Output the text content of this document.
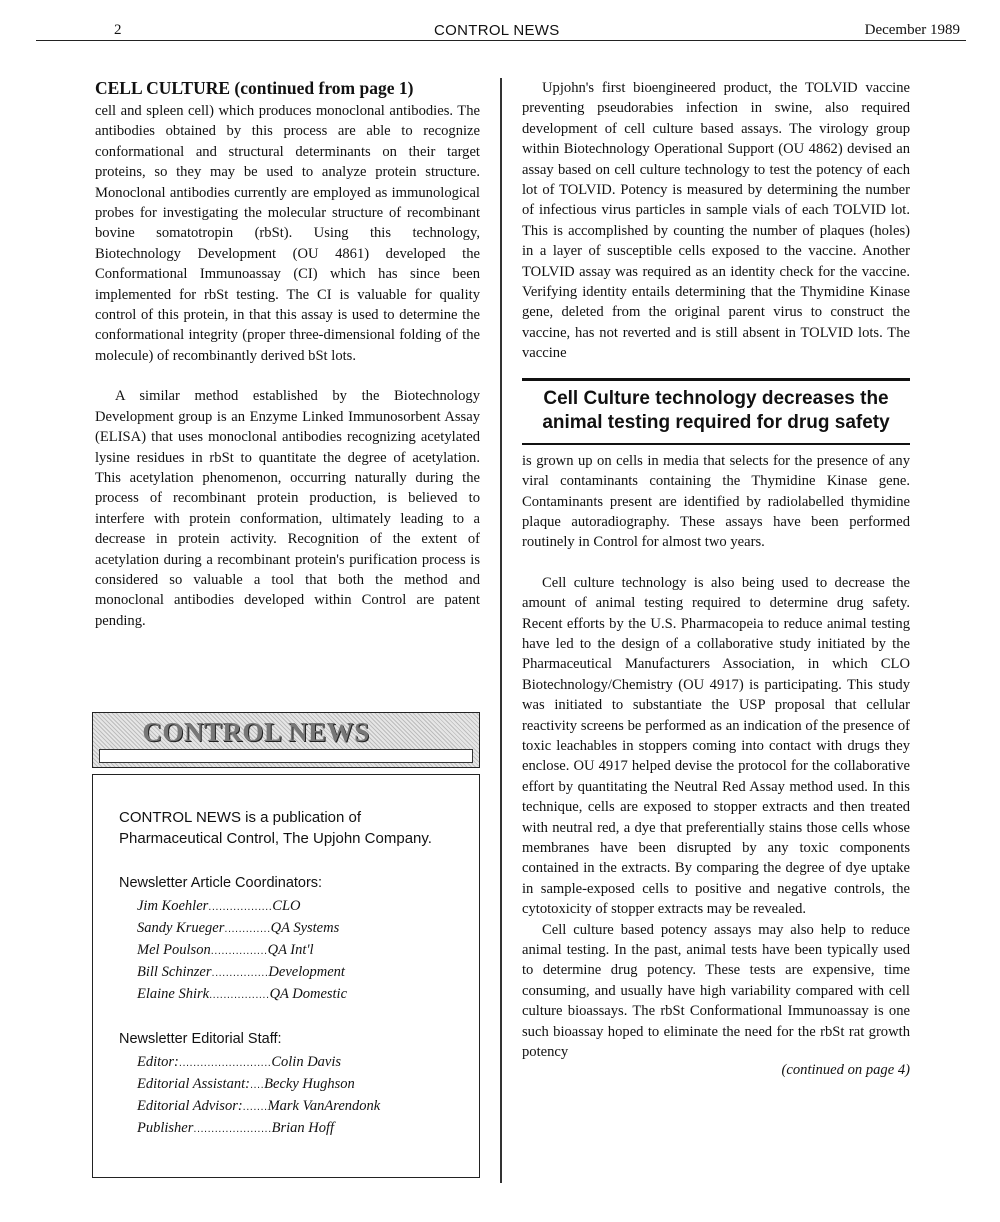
2	CONTROL NEWS	December 1989
CELL CULTURE (continued from page 1)

cell and spleen cell) which produces monoclonal antibodies. The antibodies obtained by this process are able to recognize conformational and structural determinants on their target proteins, so they may be used to analyze protein structure. Monoclonal antibodies currently are employed as immunological probes for investigating the molecular structure of recombinant bovine somatotropin (rbSt). Using this technology, Biotechnology Development (OU 4861) developed the Conformational Immunoassay (CI) which has since been implemented for rbSt testing. The CI is valuable for quality control of this protein, in that this assay is used to determine the conformational integrity (proper three-dimensional folding of the molecule) of recombinantly derived bSt lots.

A similar method established by the Biotechnology Development group is an Enzyme Linked Immunosorbent Assay (ELISA) that uses monoclonal antibodies recognizing acetylated lysine residues in rbSt to quantitate the degree of acetylation. This acetylation phenomenon, occurring naturally during the process of recombinant protein production, is believed to interfere with protein conformation, ultimately leading to a decrease in protein activity. Recognition of the extent of acetylation during a recombinant protein's purification process is considered so valuable a tool that both the method and monoclonal antibodies developed within Control are patent pending.

CONTROL NEWS
CONTROL NEWS is a publication of Pharmaceutical Control, The Upjohn Company.
Newsletter Article Coordinators:
Jim Koehler..................CLO
Sandy Krueger.............QA Systems
Mel Poulson................QA Int'l
Bill Schinzer................Development
Elaine Shirk.................QA Domestic
Newsletter Editorial Staff:
Editor:..........................Colin Davis
Editorial Assistant:....Becky Hughson
Editorial Advisor:.......Mark VanArendonk
Publisher......................Brian Hoff

Upjohn's first bioengineered product, the TOLVID vaccine preventing pseudorabies infection in swine, also required development of cell culture based assays. The virology group within Biotechnology Operational Support (OU 4862) devised an assay based on cell culture technology to test the potency of each lot of TOLVID. Potency is measured by determining the number of infectious virus particles in sample vials of each TOLVID lot. This is accomplished by counting the number of plaques (holes) in a layer of susceptible cells exposed to the vaccine. Another TOLVID assay was required as an identity check for the vaccine. Verifying identity entails determining that the Thymidine Kinase gene, deleted from the original parent virus to construct the vaccine, has not reverted and is still absent in TOLVID lots. The vaccine

Cell Culture technology decreases the
animal testing required for drug safety

is grown up on cells in media that selects for the presence of any viral contaminants containing the Thymidine Kinase gene. Contaminants present are identified by radiolabelled thymidine plaque autoradiography. These assays have been performed routinely in Control for almost two years.

Cell culture technology is also being used to decrease the amount of animal testing required to determine drug safety. Recent efforts by the U.S. Pharmacopeia to reduce animal testing have led to the design of a collaborative study initiated by the Pharmaceutical Manufacturers Association, in which CLO Biotechnology/Chemistry (OU 4917) is participating. This study was initiated to substantiate the USP proposal that cellular reactivity screens be performed as an indication of the presence of toxic leachables in stoppers coming into contact with drugs they enclose. OU 4917 helped devise the protocol for the collaborative effort by quantitating the Neutral Red Assay method used. In this technique, cells are exposed to stopper extracts and then treated with neutral red, a dye that preferentially stains those cells whose membranes have been disrupted by any toxic components contained in the extracts. By comparing the degree of dye uptake in sample-exposed cells to positive and negative controls, the cytotoxicity of stopper extracts may be revealed.

Cell culture based potency assays may also help to reduce animal testing. In the past, animal tests have been typically used to determine drug potency. These tests are expensive, time consuming, and usually have high variability compared with cell culture bioassays. The rbSt Conformational Immunoassay is one such bioassay hoped to eliminate the need for the rbSt rat growth potency

(continued on page 4)
